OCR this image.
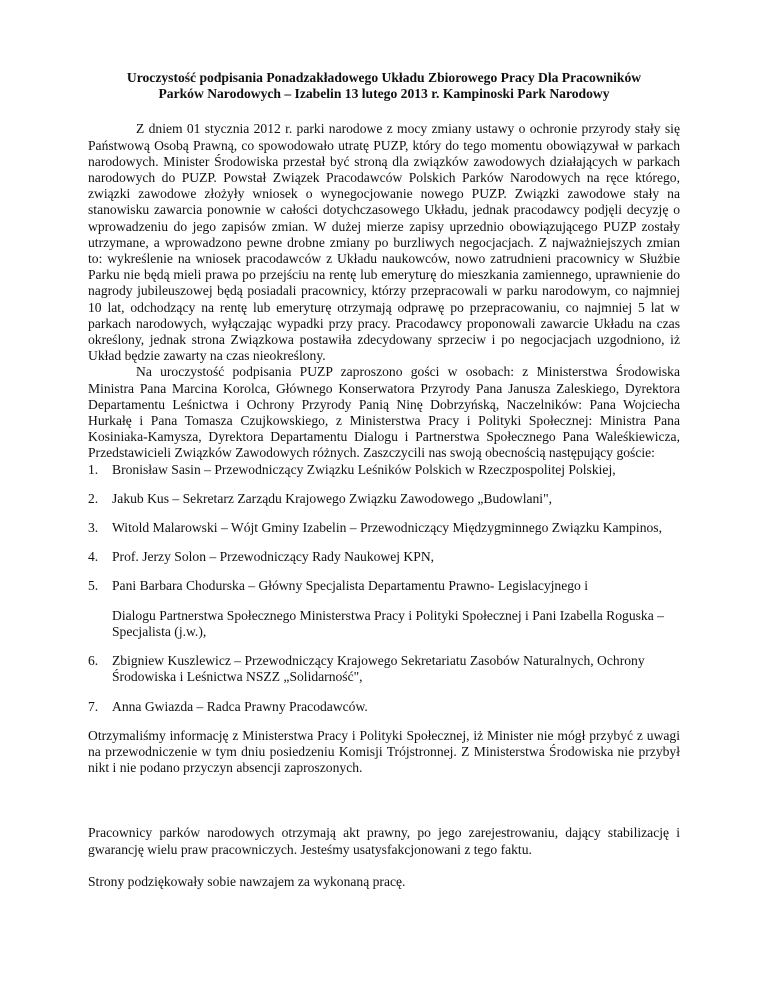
Uroczystość podpisania Ponadzakładowego Układu Zbiorowego Pracy Dla Pracowników
Parków Narodowych – Izabelin 13 lutego 2013 r. Kampinoski Park Narodowy

Z dniem 01 stycznia 2012 r. parki narodowe z mocy zmiany ustawy o ochronie przyrody stały się Państwową Osobą Prawną, co spowodowało utratę PUZP, który do tego momentu obowiązywał w parkach narodowych. Minister Środowiska przestał być stroną dla związków zawodowych działających w parkach narodowych do PUZP. Powstał Związek Pracodawców Polskich Parków Narodowych na ręce którego, związki zawodowe złożyły wniosek o wynegocjowanie nowego PUZP. Związki zawodowe stały na stanowisku zawarcia ponownie w całości dotychczasowego Układu, jednak pracodawcy podjęli decyzję o wprowadzeniu do jego zapisów zmian. W dużej mierze zapisy uprzednio obowiązującego PUZP zostały utrzymane, a wprowadzono pewne drobne zmiany po burzliwych negocjacjach. Z najważniejszych zmian to: wykreślenie na wniosek pracodawców z Układu naukowców, nowo zatrudnieni pracownicy w Służbie Parku nie będą mieli prawa po przejściu na rentę lub emeryturę do mieszkania zamiennego, uprawnienie do nagrody jubileuszowej będą posiadali pracownicy, którzy przepracowali w parku narodowym, co najmniej 10 lat, odchodzący na rentę lub emeryturę otrzymają odprawę po przepracowaniu, co najmniej 5 lat w parkach narodowych, wyłączając wypadki przy pracy. Pracodawcy proponowali zawarcie Układu na czas określony, jednak strona Związkowa postawiła zdecydowany sprzeciw i po negocjacjach uzgodniono, iż Układ będzie zawarty na czas nieokreślony.

Na uroczystość podpisania PUZP zaproszono gości w osobach: z Ministerstwa Środowiska Ministra Pana Marcina Korolca, Głównego Konserwatora Przyrody Pana Janusza Zaleskiego, Dyrektora Departamentu Leśnictwa i Ochrony Przyrody Panią Ninę Dobrzyńską, Naczelników: Pana Wojciecha Hurkałę i Pana Tomasza Czujkowskiego, z Ministerstwa Pracy i Polityki Społecznej: Ministra Pana Kosiniaka-Kamysza, Dyrektora Departamentu Dialogu i Partnerstwa Społecznego Pana Waleśkiewicza, Przedstawicieli Związków Zawodowych różnych. Zaszczycili nas swoją obecnością następujący goście:

1. Bronisław Sasin – Przewodniczący Związku Leśników Polskich w Rzeczpospolitej Polskiej,
2. Jakub Kus – Sekretarz Zarządu Krajowego Związku Zawodowego „Budowlani",
3. Witold Malarowski – Wójt Gminy Izabelin – Przewodniczący Międzygminnego Związku Kampinos,
4. Prof. Jerzy Solon – Przewodniczący Rady Naukowej KPN,
5. Pani Barbara Chodurska – Główny Specjalista Departamentu Prawno- Legislacyjnego i
Dialogu Partnerstwa Społecznego Ministerstwa Pracy i Polityki Społecznej i Pani Izabella Roguska – Specjalista (j.w.),
6. Zbigniew Kuszlewicz – Przewodniczący Krajowego Sekretariatu Zasobów Naturalnych, Ochrony Środowiska i Leśnictwa NSZZ „Solidarność",
7. Anna Gwiazda – Radca Prawny Pracodawców.

Otrzymaliśmy informację z Ministerstwa Pracy i Polityki Społecznej, iż Minister nie mógł przybyć z uwagi na przewodniczenie w tym dniu posiedzeniu Komisji Trójstronnej. Z Ministerstwa Środowiska nie przybył nikt i nie podano przyczyn absencji zaproszonych.

Pracownicy parków narodowych otrzymają akt prawny, po jego zarejestrowaniu, dający stabilizację i gwarancję wielu praw pracowniczych. Jesteśmy usatysfakcjonowani z tego faktu.

Strony podziękowały sobie nawzajem za wykonaną pracę.
